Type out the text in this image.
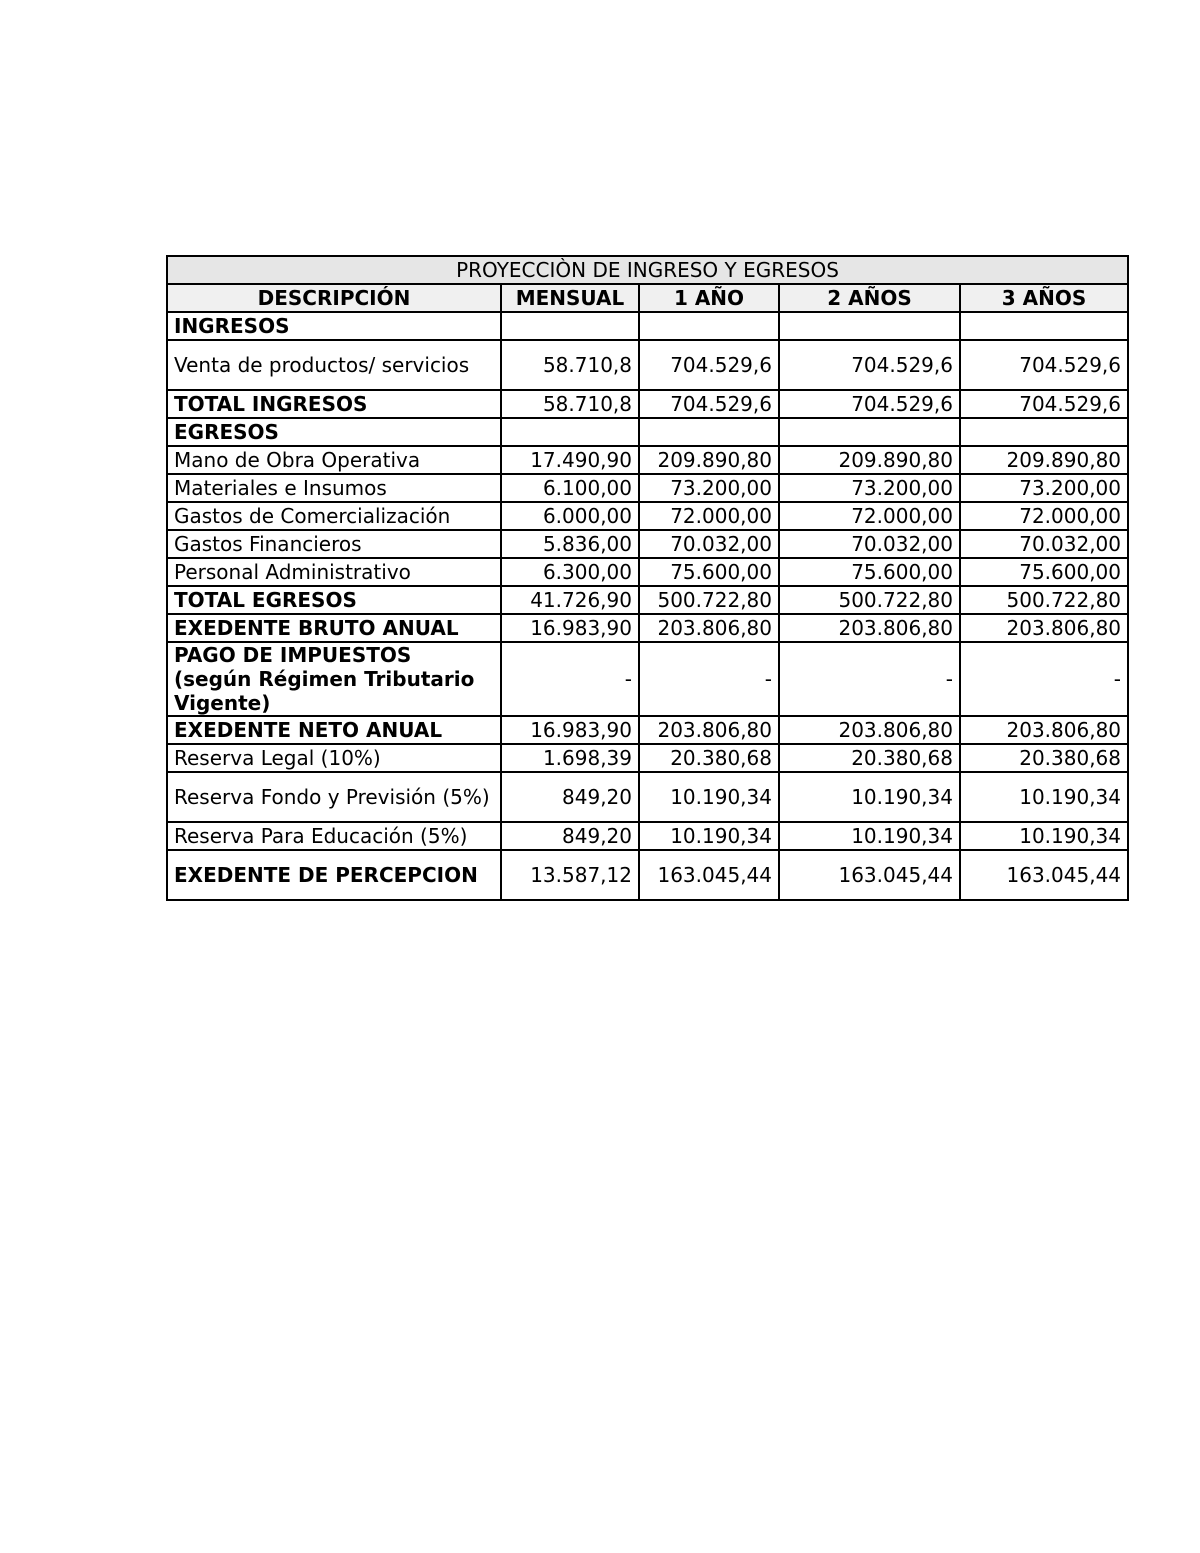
PROYECCIÒN DE INGRESO Y EGRESOS				
DESCRIPCIÓN	MENSUAL	1 AÑO	2 AÑOS	3 AÑOS
INGRESOS				
Venta de productos/ servicios	58.710,8	704.529,6	704.529,6	704.529,6
TOTAL INGRESOS	58.710,8	704.529,6	704.529,6	704.529,6
EGRESOS				
Mano de Obra Operativa	17.490,90	209.890,80	209.890,80	209.890,80
Materiales e Insumos	6.100,00	73.200,00	73.200,00	73.200,00
Gastos de Comercialización	6.000,00	72.000,00	72.000,00	72.000,00
Gastos Financieros	5.836,00	70.032,00	70.032,00	70.032,00
Personal Administrativo	6.300,00	75.600,00	75.600,00	75.600,00
TOTAL EGRESOS	41.726,90	500.722,80	500.722,80	500.722,80
EXEDENTE BRUTO ANUAL	16.983,90	203.806,80	203.806,80	203.806,80
PAGO DE IMPUESTOS (según Régimen Tributario Vigente)	-	-	-	-
EXEDENTE NETO ANUAL	16.983,90	203.806,80	203.806,80	203.806,80
Reserva Legal (10%)	1.698,39	20.380,68	20.380,68	20.380,68
Reserva Fondo y Previsión (5%)	849,20	10.190,34	10.190,34	10.190,34
Reserva Para Educación (5%)	849,20	10.190,34	10.190,34	10.190,34
EXEDENTE DE PERCEPCION	13.587,12	163.045,44	163.045,44	163.045,44
